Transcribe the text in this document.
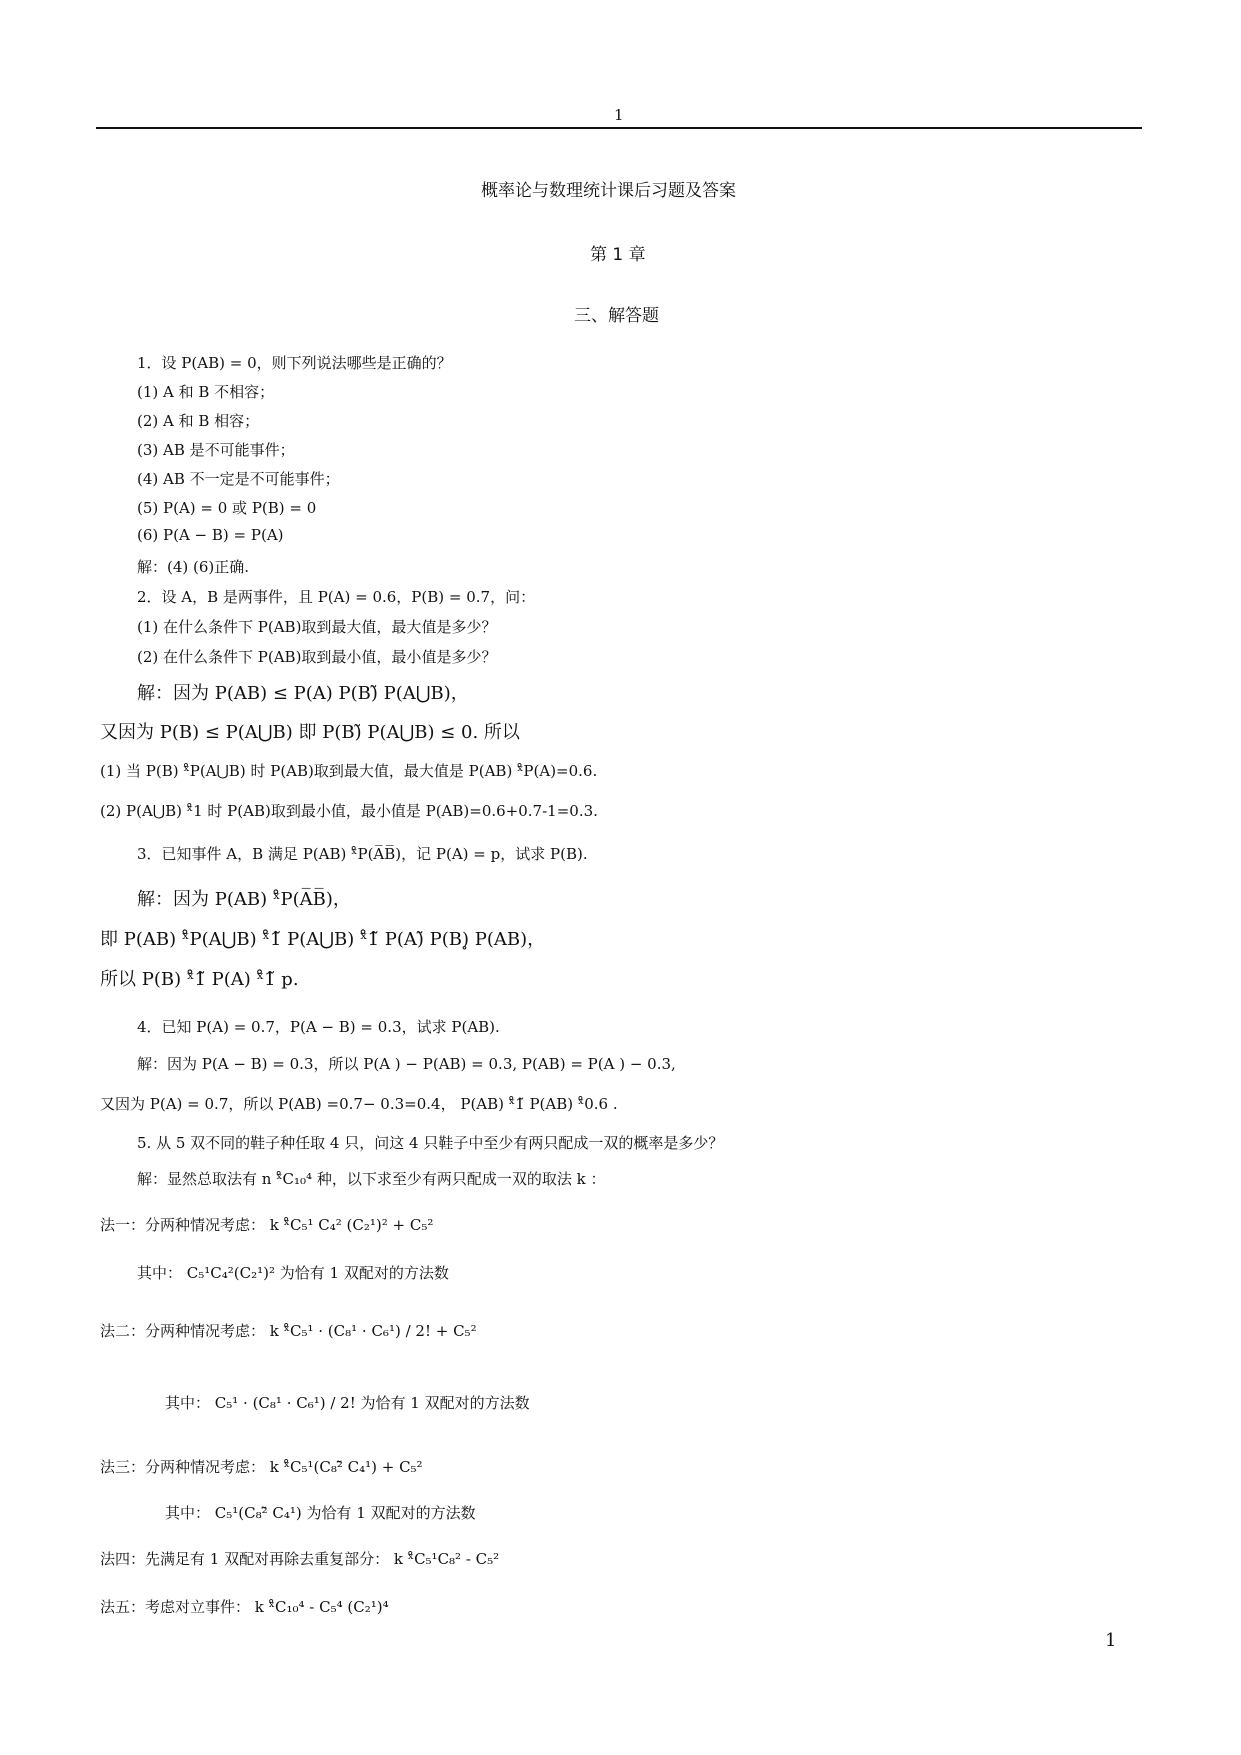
1
概率论与数理统计课后习题及答案
第 1 章
三、解答题
1．设 P(AB) = 0，则下列说法哪些是正确的？
(1) A 和 B 不相容；
(2) A 和 B 相容；
(3) AB 是不可能事件；
(4) AB 不一定是不可能事件；
(5) P(A) = 0 或 P(B) = 0
(6) P(A − B) = P(A)
解：(4) (6)正确.
2．设 A，B 是两事件，且 P(A) = 0.6，P(B) = 0.7，问：
(1) 在什么条件下 P(AB)取到最大值，最大值是多少？
(2) 在什么条件下 P(AB)取到最小值，最小值是多少？
解：因为 P(AB) ≤ P(A) P(B)̃ P(A⋃B)，
又因为 P(B) ≤ P(A⋃B) 即 P(B)̃ P(A⋃B) ≤ 0. 所以
(1) 当 P(B) ˣ̊P(A⋃B) 时 P(AB)取到最大值，最大值是 P(AB) ˣ̊P(A)=0.6.
(2) P(A⋃B) ˣ̊1 时 P(AB)取到最小值，最小值是 P(AB)=0.6+0.7-1=0.3.
3．已知事件 A，B 满足 P(AB) ˣ̊P(A̅B̅)，记 P(A) = p，试求 P(B).
解：因为 P(AB) ˣ̊P(A̅B̅)，
即 P(AB) ˣ̊P(A⋃B) ˣ̊1̃ P(A⋃B) ˣ̊1̃ P(A)̃ P(B)̥ P(AB)，
所以 P(B) ˣ̊1̃ P(A) ˣ̊1̃ p.
4．已知 P(A) = 0.7，P(A − B) = 0.3，试求 P(AB).
解：因为 P(A − B) = 0.3，所以 P(A ) − P(AB) = 0.3, P(AB) = P(A ) − 0.3,
又因为 P(A) = 0.7，所以 P(AB) =0.7− 0.3=0.4， P(AB) ˣ̊1̃ P(AB) ˣ̊0.6 .
5. 从 5 双不同的鞋子种任取 4 只，问这 4 只鞋子中至少有两只配成一双的概率是多少？
解：显然总取法有 n ˣ̊C₁₀⁴ 种，以下求至少有两只配成一双的取法 k ：
法一：分两种情况考虑： k ˣ̊C₅¹ C₄² (C₂¹)² + C₅²
其中： C₅¹C₄²(C₂¹)² 为恰有 1 双配对的方法数
法二：分两种情况考虑： k ˣ̊C₅¹ · (C₈¹ · C₆¹) / 2! + C₅²
其中： C₅¹ · (C₈¹ · C₆¹) / 2! 为恰有 1 双配对的方法数
法三：分两种情况考虑： k ˣ̊C₅¹(C₈²̃ C₄¹) + C₅²
其中： C₅¹(C₈²̃ C₄¹) 为恰有 1 双配对的方法数
法四：先满足有 1 双配对再除去重复部分： k ˣ̊C₅¹C₈² - C₅²
法五：考虑对立事件： k ˣ̊C₁₀⁴ - C₅⁴ (C₂¹)⁴
1
